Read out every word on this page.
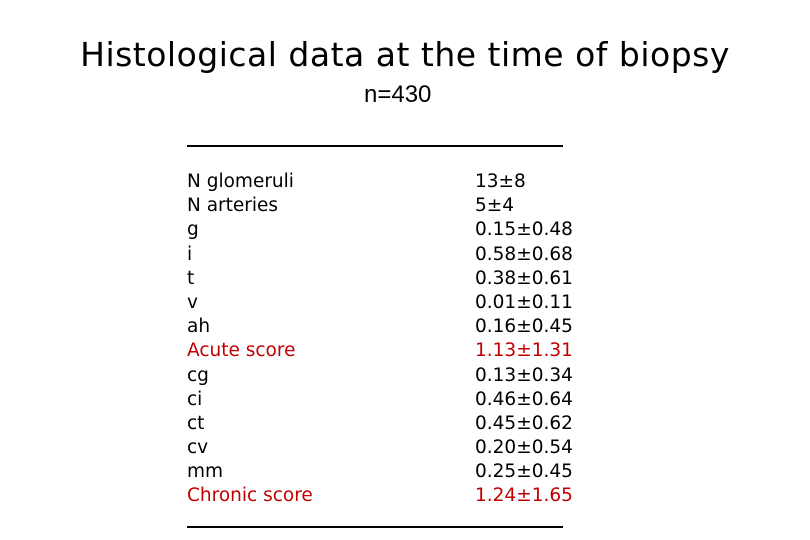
Histological data at the time of biopsy
n=430
N glomeruli	13±8
N arteries	5±4
g	0.15±0.48
i	0.58±0.68
t	0.38±0.61
v	0.01±0.11
ah	0.16±0.45
Acute score	1.13±1.31
cg	0.13±0.34
ci	0.46±0.64
ct	0.45±0.62
cv	0.20±0.54
mm	0.25±0.45
Chronic score	1.24±1.65
